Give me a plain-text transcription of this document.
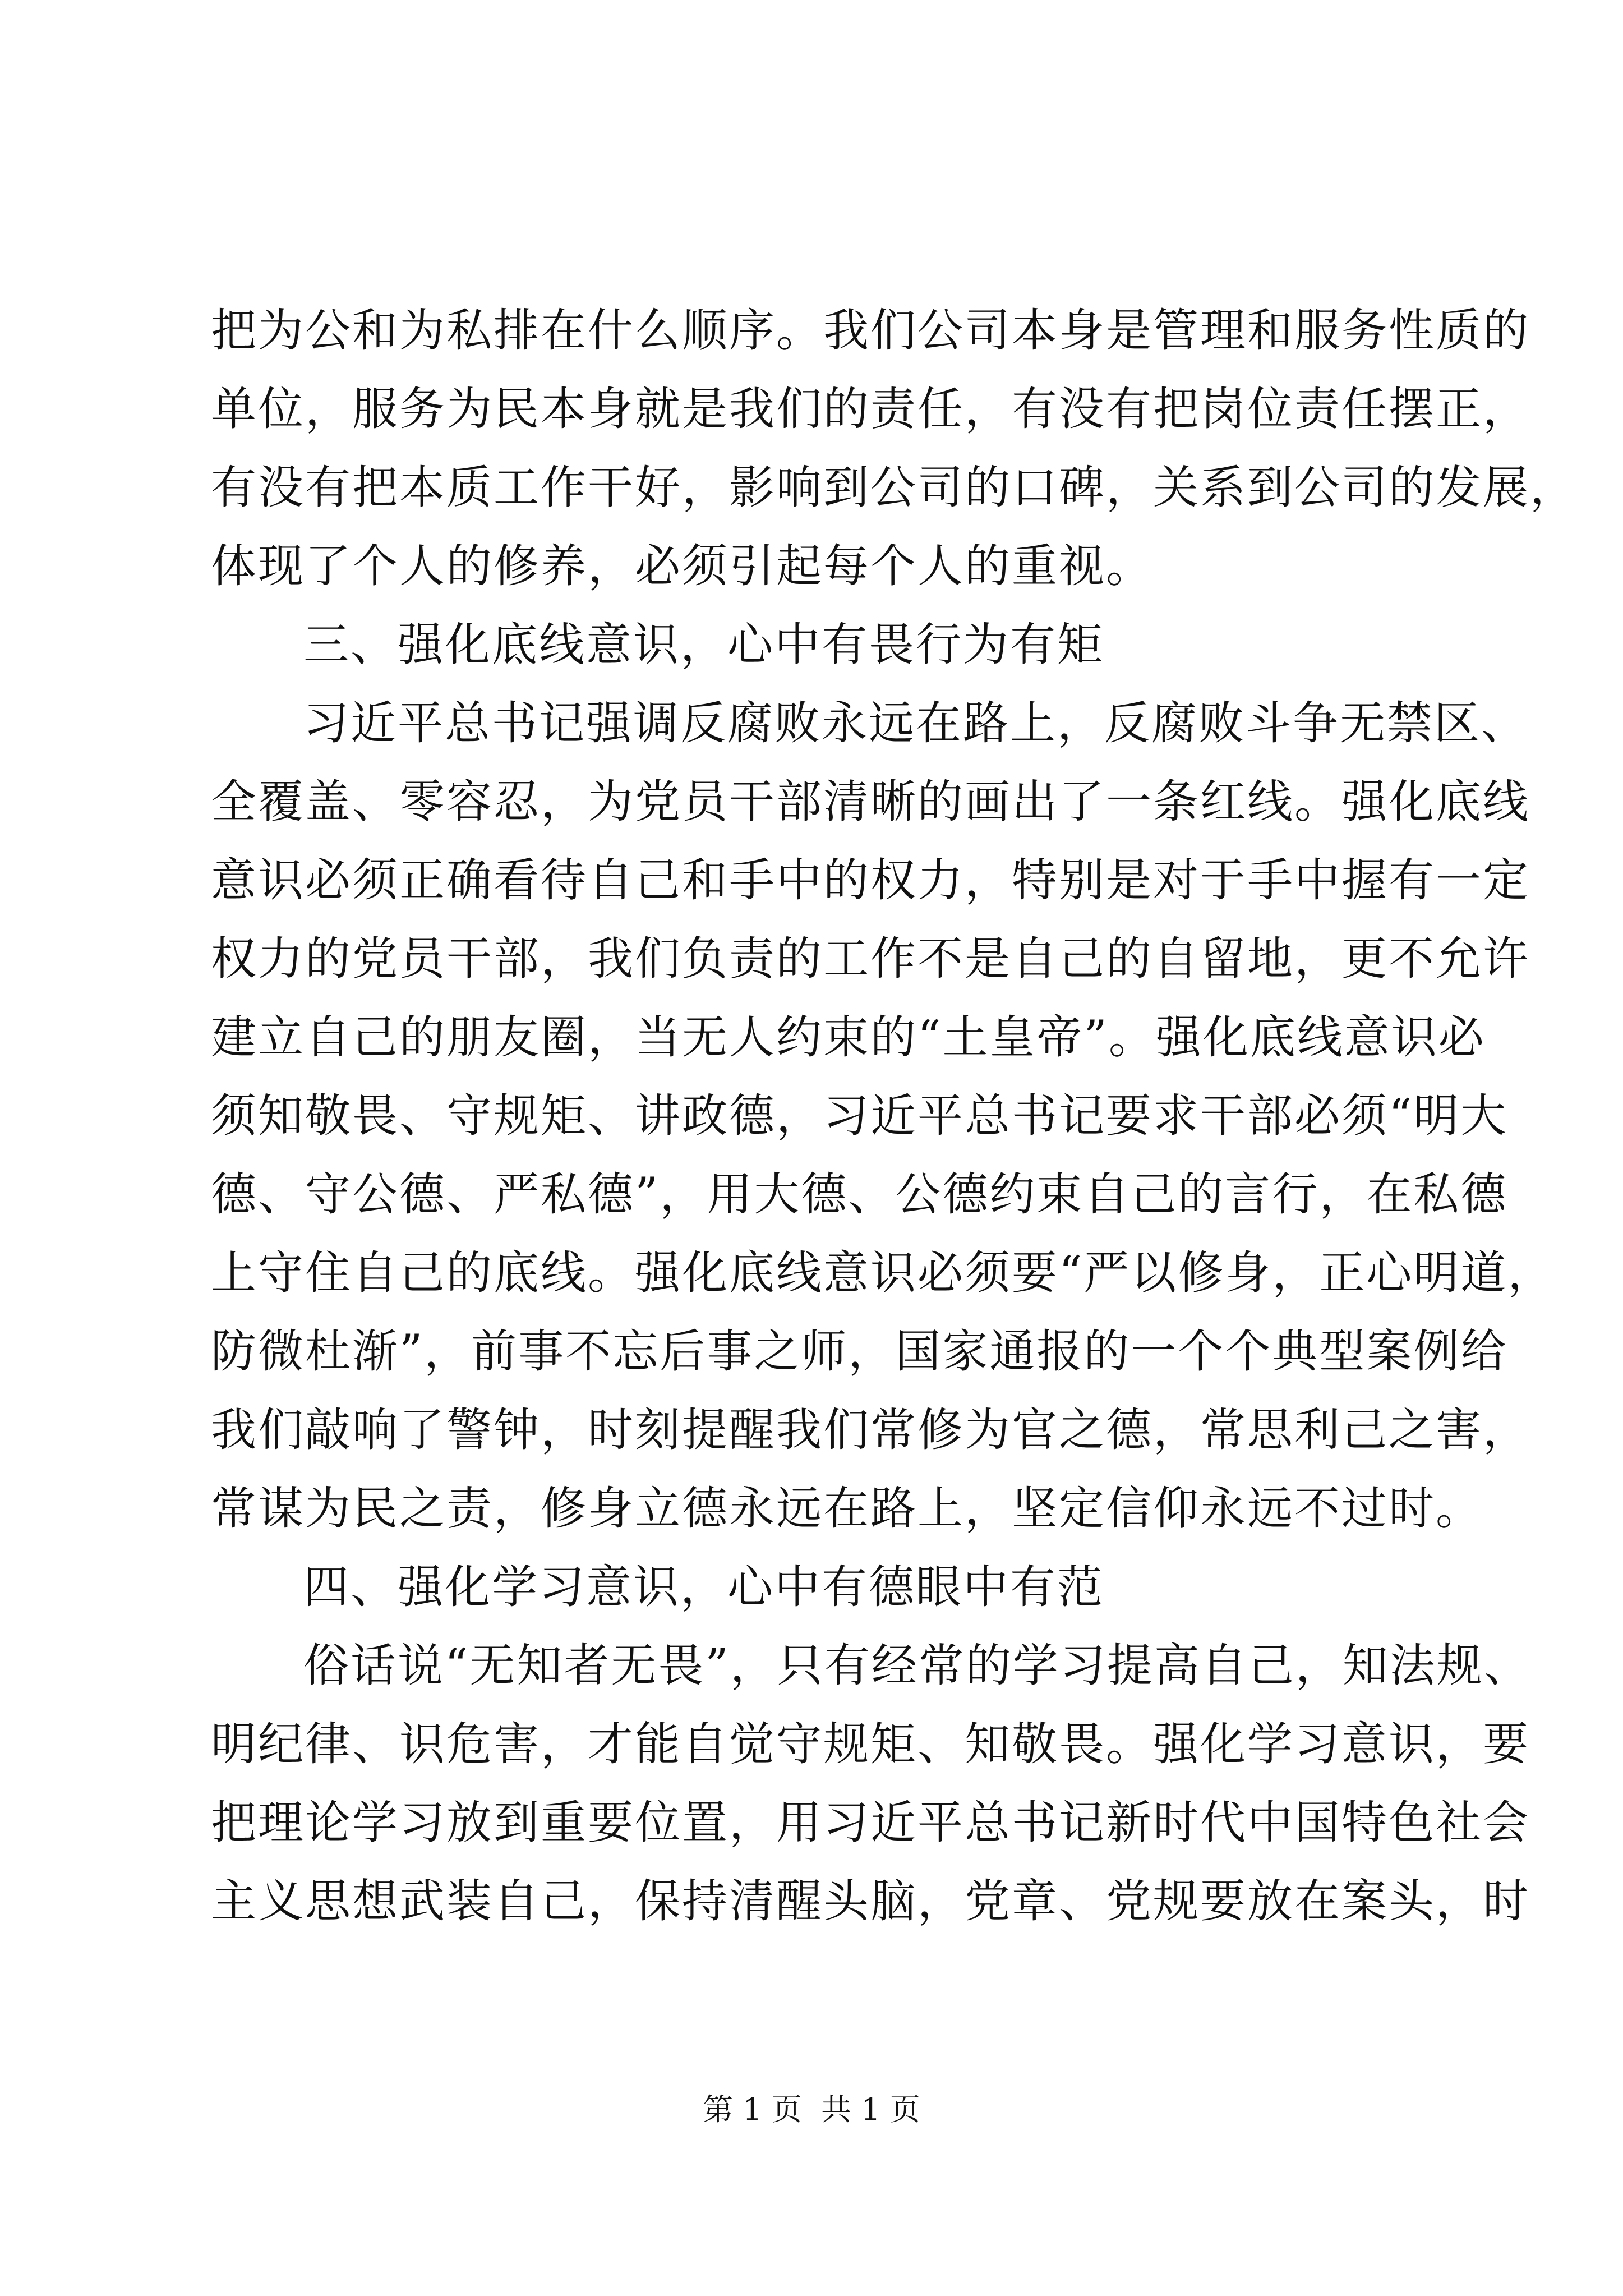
把为公和为私排在什么顺序。我们公司本身是管理和服务性质的
单位，服务为民本身就是我们的责任，有没有把岗位责任摆正，
有没有把本质工作干好，影响到公司的口碑，关系到公司的发展，
体现了个人的修养，必须引起每个人的重视。
三、强化底线意识，心中有畏行为有矩
习近平总书记强调反腐败永远在路上，反腐败斗争无禁区、
全覆盖、零容忍，为党员干部清晰的画出了一条红线。强化底线
意识必须正确看待自己和手中的权力，特别是对于手中握有一定
权力的党员干部，我们负责的工作不是自己的自留地，更不允许
建立自己的朋友圈，当无人约束的“土皇帝”。强化底线意识必
须知敬畏、守规矩、讲政德，习近平总书记要求干部必须“明大
德、守公德、严私德”，用大德、公德约束自己的言行，在私德
上守住自己的底线。强化底线意识必须要“严以修身，正心明道，
防微杜渐”，前事不忘后事之师，国家通报的一个个典型案例给
我们敲响了警钟，时刻提醒我们常修为官之德，常思利己之害，
常谋为民之责，修身立德永远在路上，坚定信仰永远不过时。
四、强化学习意识，心中有德眼中有范
俗话说“无知者无畏”，只有经常的学习提高自己，知法规、
明纪律、识危害，才能自觉守规矩、知敬畏。强化学习意识，要
把理论学习放到重要位置，用习近平总书记新时代中国特色社会
主义思想武装自己，保持清醒头脑，党章、党规要放在案头，时
第 1 页  共 1 页
